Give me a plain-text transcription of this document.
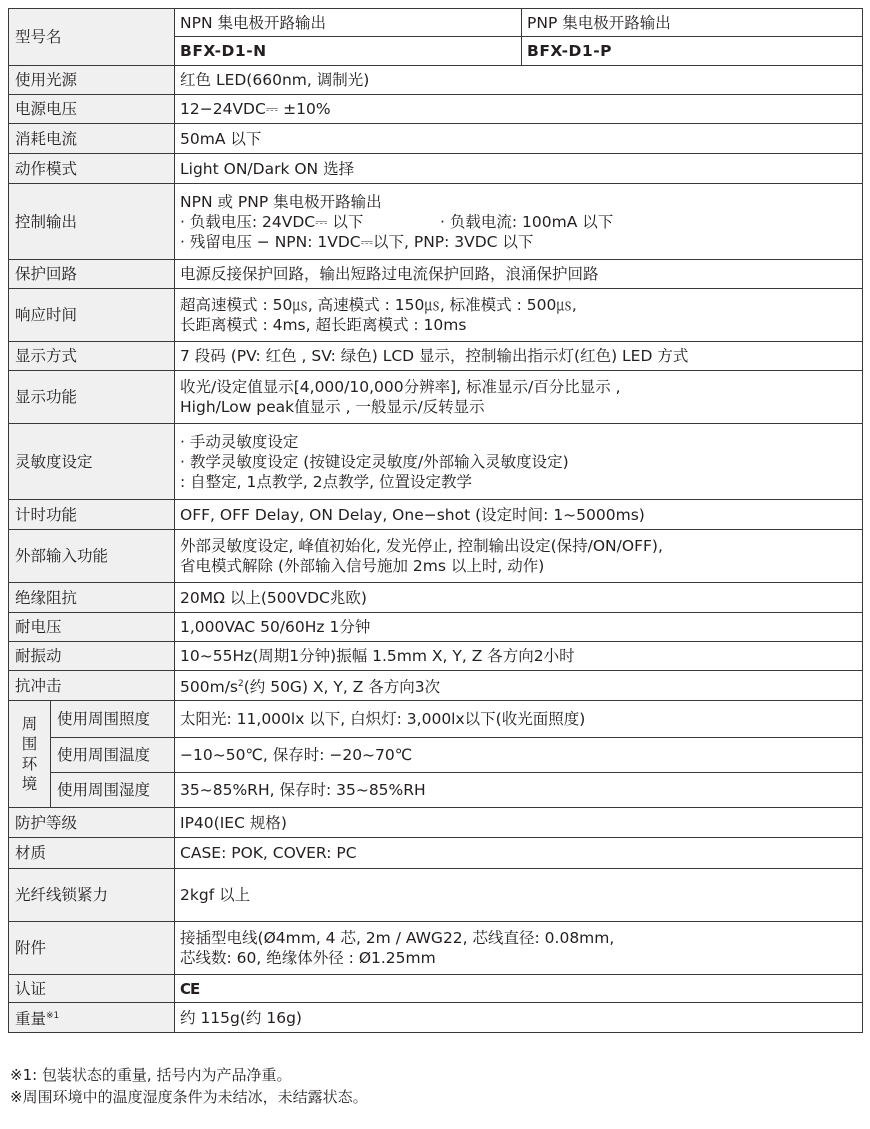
型号名		NPN 集电极开路输出	PNP 集电极开路输出
		BFX-D1-N	BFX-D1-P
使用光源		红色 LED(660nm, 调制光)	
电源电压		12−24VDC⎓ ±10%	
消耗电流		50mA 以下	
动作模式		Light ON/Dark ON 选择	
控制输出		NPN 或 PNP 集电极开路输出
· 负载电压: 24VDC⎓ 以下 · 负载电流: 100mA 以下
· 残留电压 − NPN: 1VDC⎓以下, PNP: 3VDC 以下	

保护回路		电源反接保护回路，输出短路过电流保护回路，浪涌保护回路	
响应时间		超高速模式 : 50㎲, 高速模式 : 150㎲, 标准模式 : 500㎲,
长距离模式 : 4ms, 超长距离模式 : 10ms	

显示方式		7 段码 (PV: 红色 , SV: 绿色) LCD 显示，控制输出指示灯(红色) LED 方式	
显示功能		收光/设定值显示[4,000/10,000分辨率], 标准显示/百分比显示 ,
High/Low peak值显示 , 一般显示/反转显示	

灵敏度设定		· 手动灵敏度设定
· 教学灵敏度设定 (按键设定灵敏度/外部输入灵敏度设定)
: 自整定, 1点教学, 2点教学, 位置设定教学	

计时功能		OFF, OFF Delay, ON Delay, One−shot (设定时间: 1~5000ms)	
外部输入功能		外部灵敏度设定, 峰值初始化, 发光停止, 控制输出设定(保持/ON/OFF),
省电模式解除 (外部输入信号施加 2ms 以上时, 动作)	

绝缘阻抗		20MΩ 以上(500VDC兆欧)	
耐电压		1,000VAC 50/60Hz 1分钟	
耐振动		10~55Hz(周期1分钟)振幅 1.5mm X, Y, Z 各方向2小时	
抗冲击		$500m/s^2$(约 50G) X, Y, Z 各方向3次	

周
围
环
境	使用周围照度	太阳光: 11,000lx 以下, 白炽灯: 3,000lx以下(收光面照度)	
	使用周围温度	−10~50℃, 保存时: −20~70℃	
	使用周围湿度	35~85%RH, 保存时: 35~85%RH	
防护等级		IP40(IEC 规格)	
材质		CASE: POK, COVER: PC	
光纤线锁紧力		2kgf 以上	
附件		接插型电线(Ø4mm, 4 芯, 2m / AWG22, 芯线直径: 0.08mm,
芯线数: 60, 绝缘体外径 : Ø1.25mm	

认证		CE	
重量$^{※1}$		约 115g(约 16g)	
※1: 包装状态的重量, 括号内为产品净重。
※周围环境中的温度湿度条件为未结冰，未结露状态。
